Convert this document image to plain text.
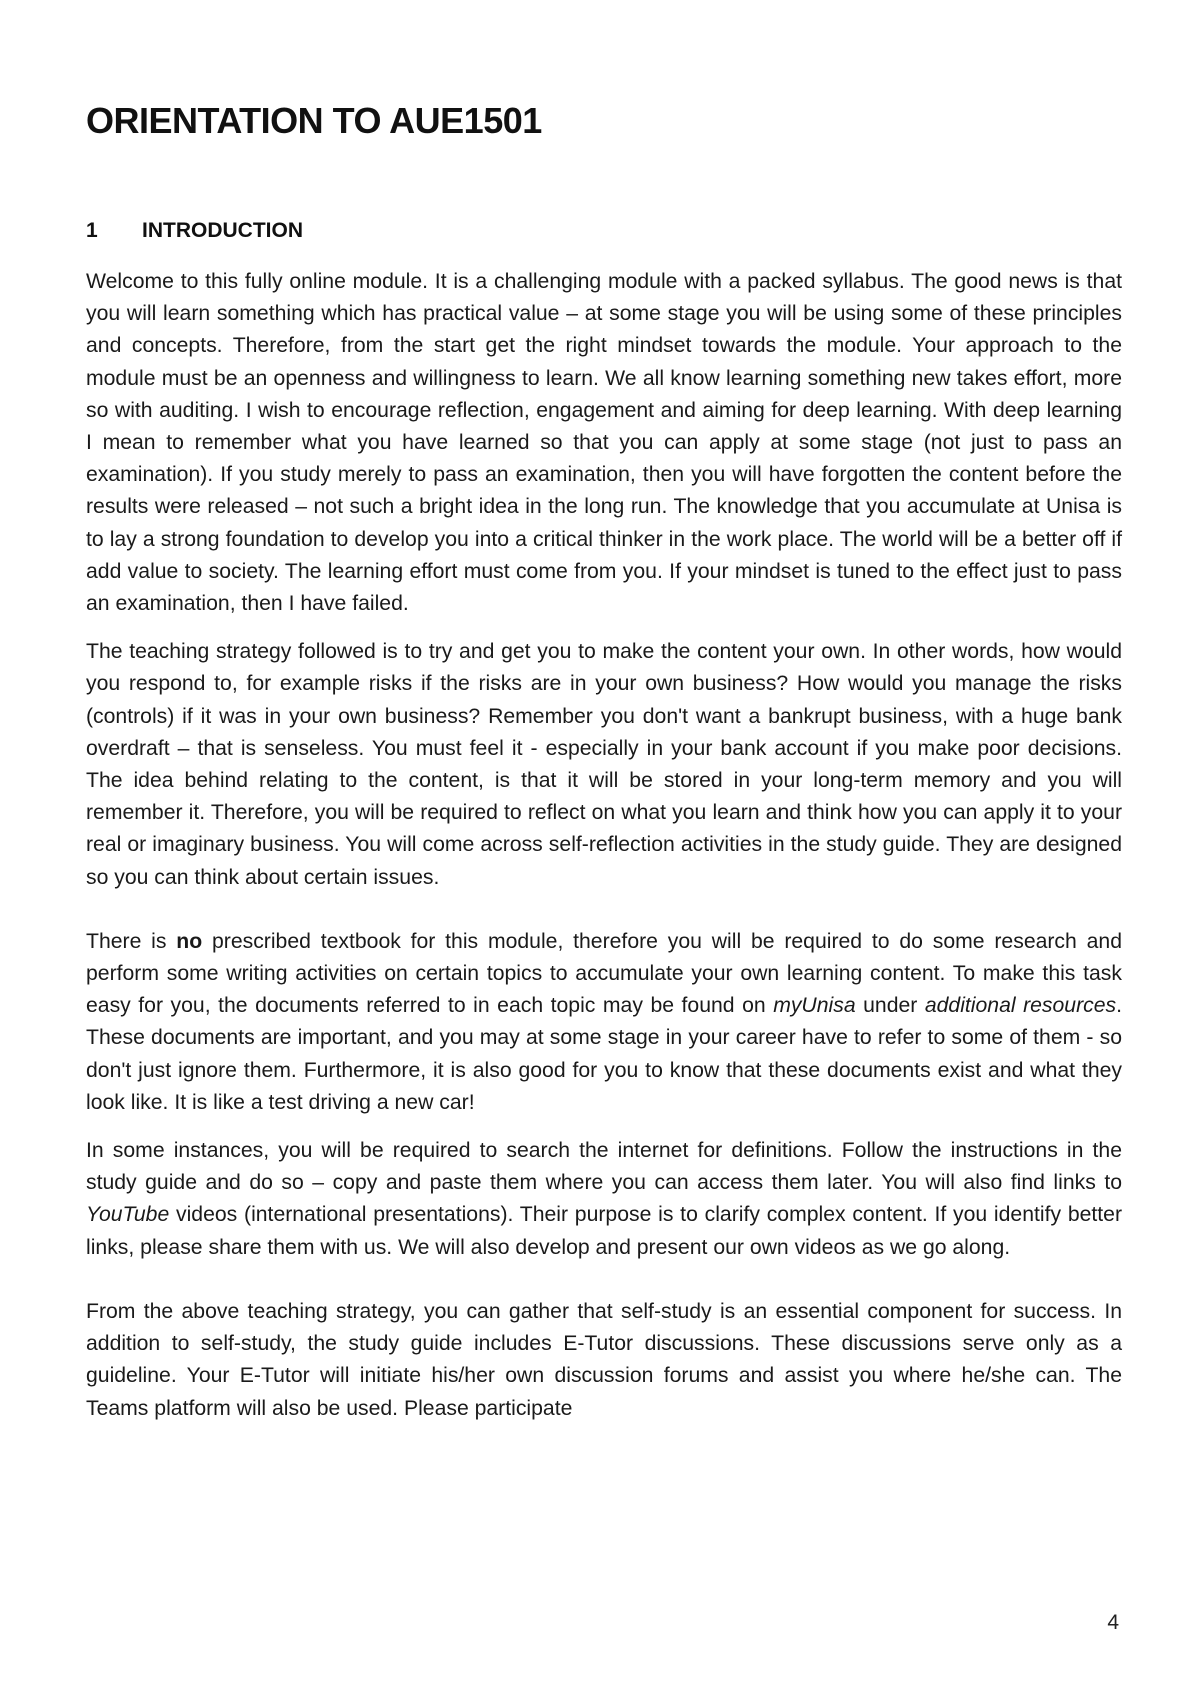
ORIENTATION TO AUE1501
1 INTRODUCTION

Welcome to this fully online module. It is a challenging module with a packed syllabus. The good news is that you will learn something which has practical value – at some stage you will be using some of these principles and concepts. Therefore, from the start get the right mindset towards the module. Your approach to the module must be an openness and willingness to learn. We all know learning something new takes effort, more so with auditing. I wish to encourage reflection, engagement and aiming for deep learning. With deep learning I mean to remember what you have learned so that you can apply at some stage (not just to pass an examination). If you study merely to pass an examination, then you will have forgotten the content before the results were released – not such a bright idea in the long run. The knowledge that you accumulate at Unisa is to lay a strong foundation to develop you into a critical thinker in the work place. The world will be a better off if add value to society. The learning effort must come from you. If your mindset is tuned to the effect just to pass an examination, then I have failed.

The teaching strategy followed is to try and get you to make the content your own. In other words, how would you respond to, for example risks if the risks are in your own business? How would you manage the risks (controls) if it was in your own business? Remember you don't want a bankrupt business, with a huge bank overdraft – that is senseless. You must feel it - especially in your bank account if you make poor decisions. The idea behind relating to the content, is that it will be stored in your long-term memory and you will remember it. Therefore, you will be required to reflect on what you learn and think how you can apply it to your real or imaginary business. You will come across self-reflection activities in the study guide. They are designed so you can think about certain issues.

There is no prescribed textbook for this module, therefore you will be required to do some research and perform some writing activities on certain topics to accumulate your own learning content. To make this task easy for you, the documents referred to in each topic may be found on myUnisa under additional resources. These documents are important, and you may at some stage in your career have to refer to some of them - so don't just ignore them. Furthermore, it is also good for you to know that these documents exist and what they look like. It is like a test driving a new car!

In some instances, you will be required to search the internet for definitions. Follow the instructions in the study guide and do so – copy and paste them where you can access them later. You will also find links to YouTube videos (international presentations). Their purpose is to clarify complex content. If you identify better links, please share them with us. We will also develop and present our own videos as we go along.

From the above teaching strategy, you can gather that self-study is an essential component for success. In addition to self-study, the study guide includes E-Tutor discussions. These discussions serve only as a guideline. Your E-Tutor will initiate his/her own discussion forums and assist you where he/she can. The Teams platform will also be used. Please participate

4
